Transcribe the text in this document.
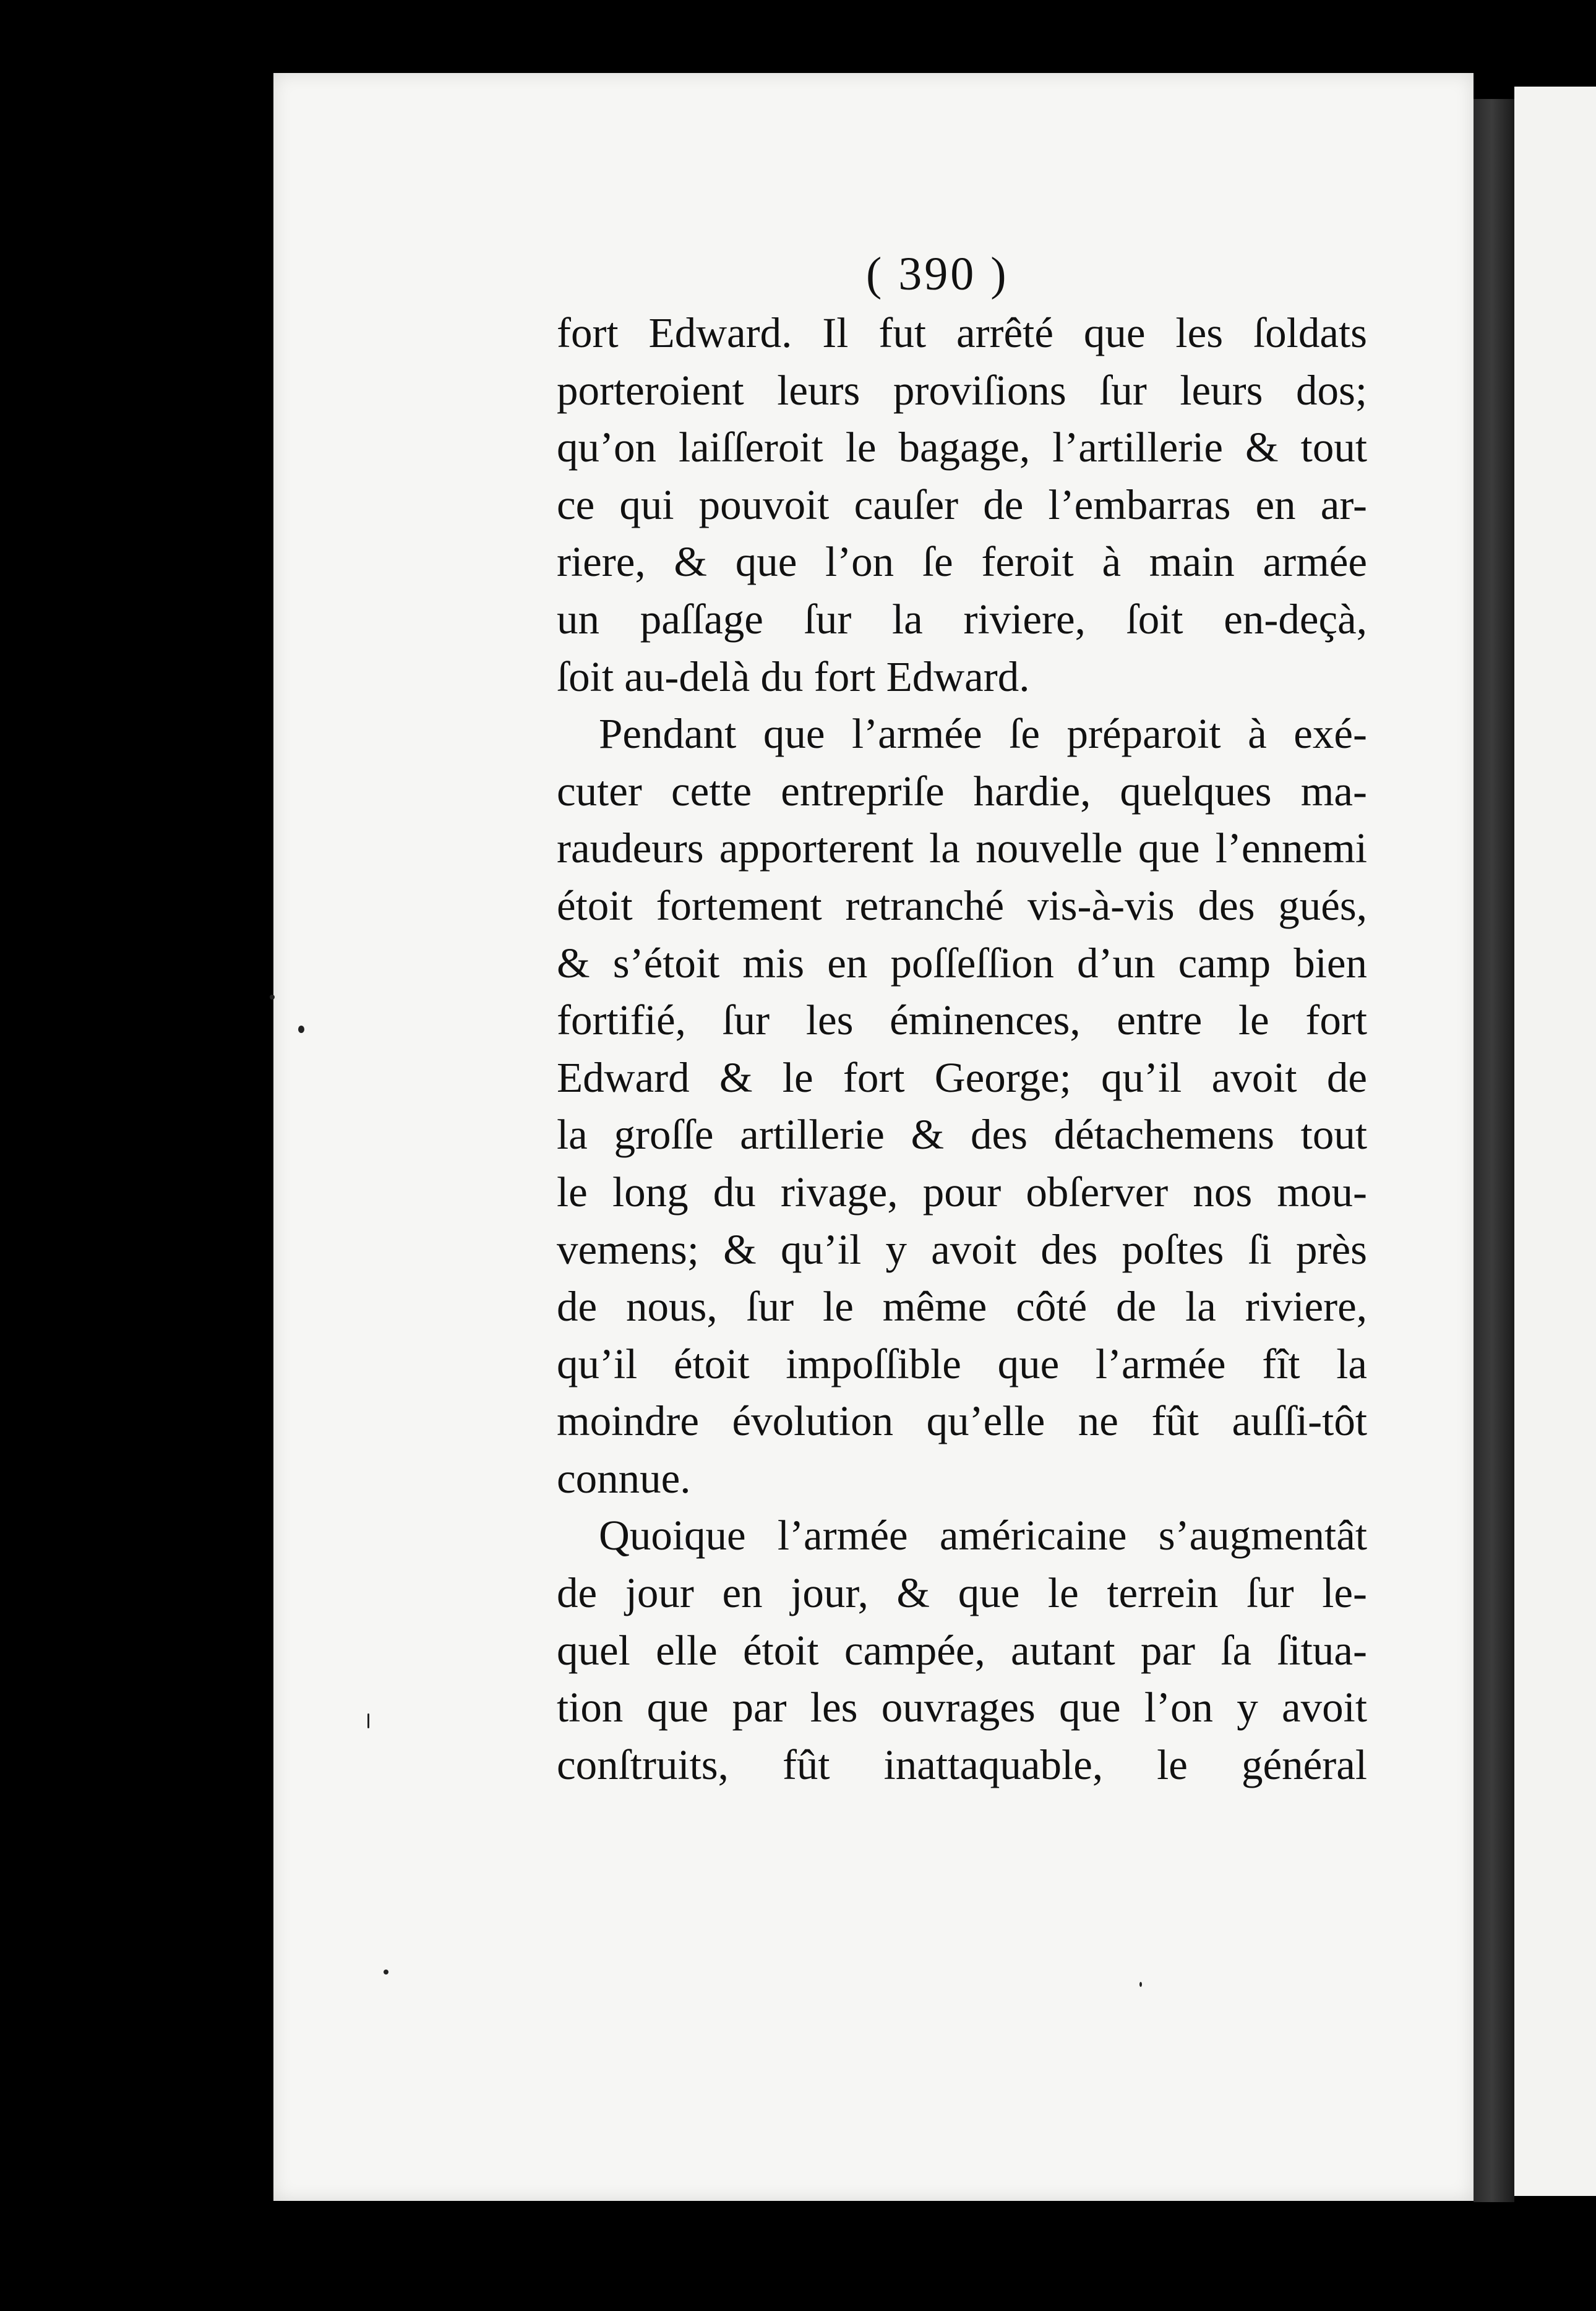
( 390 )
fort Edward. Il fut arrêté que les ſoldats
porteroient leurs proviſions ſur leurs dos;
qu’on laiſſeroit le bagage, l’artillerie & tout
ce qui pouvoit cauſer de l’embarras en ar-
riere, & que l’on ſe feroit à main armée
un paſſage ſur la riviere, ſoit en-deçà,
ſoit au-delà du fort Edward.
Pendant que l’armée ſe préparoit à exé-
cuter cette entrepriſe hardie, quelques ma-
raudeurs apporterent la nouvelle que l’ennemi
étoit fortement retranché vis-à-vis des gués,
& s’étoit mis en poſſeſſion d’un camp bien
fortifié, ſur les éminences, entre le fort
Edward & le fort George; qu’il avoit de
la groſſe artillerie & des détachemens tout
le long du rivage, pour obſerver nos mou-
vemens; & qu’il y avoit des poſtes ſi près
de nous, ſur le même côté de la riviere,
qu’il étoit impoſſible que l’armée fît la
moindre évolution qu’elle ne fût auſſi-tôt
connue.
Quoique l’armée américaine s’augmentât
de jour en jour, & que le terrein ſur le-
quel elle étoit campée, autant par ſa ſitua-
tion que par les ouvrages que l’on y avoit
conſtruits, fût inattaquable, le général
